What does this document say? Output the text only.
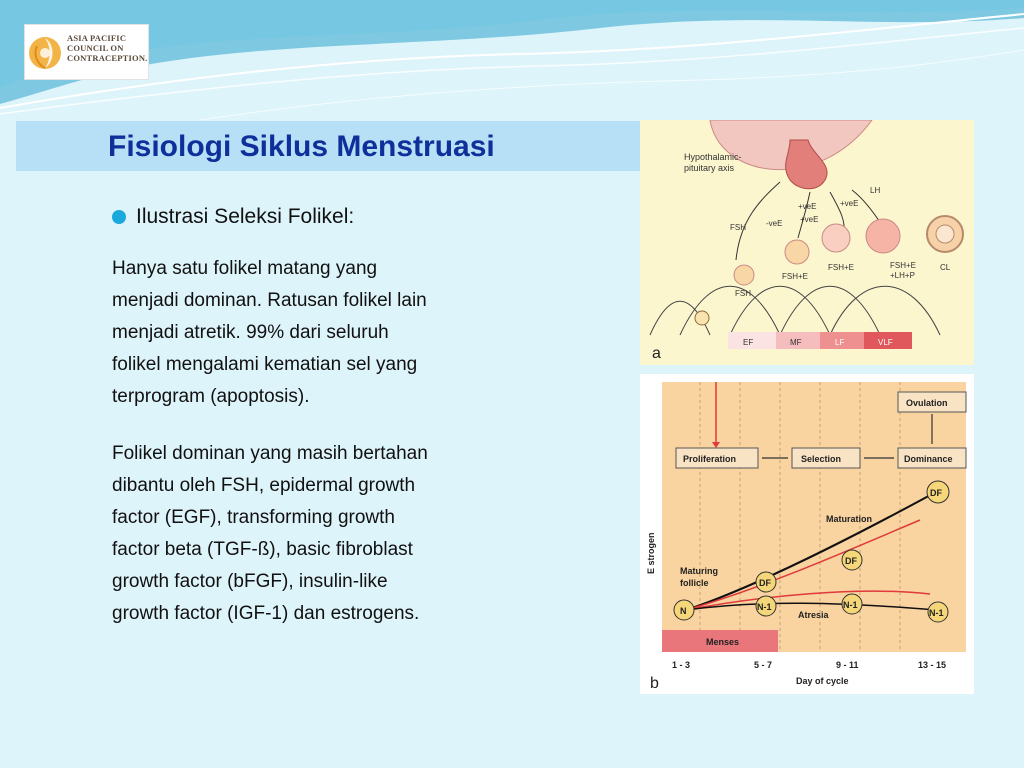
ASIA PACIFIC
COUNCIL ON
CONTRACEPTION.
Fisiologi Siklus Menstruasi
Ilustrasi Seleksi Folikel:
Hanya satu folikel matang yang
menjadi dominan. Ratusan folikel lain
menjadi atretik. 99% dari seluruh
folikel mengalami kematian sel yang
terprogram (apoptosis).
Folikel dominan yang masih bertahan
dibantu oleh FSH, epidermal growth
factor (EGF), transforming growth
factor beta (TGF-ß), basic fibroblast
growth factor (bFGF), insulin-like
growth factor (IGF-1) dan estrogens.
Hypothalamic-
pituitary axis
LH
+veE	+veE
+veE
-veE
FSH
FSH+E
FSH+E	FSH+E
+LH+P
CL
FSH
EF	MF	LF	VLF
a
Menses
Ovulation
Proliferation	Selection	Dominance
Maturation
Maturing
follicle
Atresia
N
DF
N-1
DF
N-1
DF
N-1
E strogen
1 - 3	5 - 7	9 - 11	13 - 15
Day of cycle
b
